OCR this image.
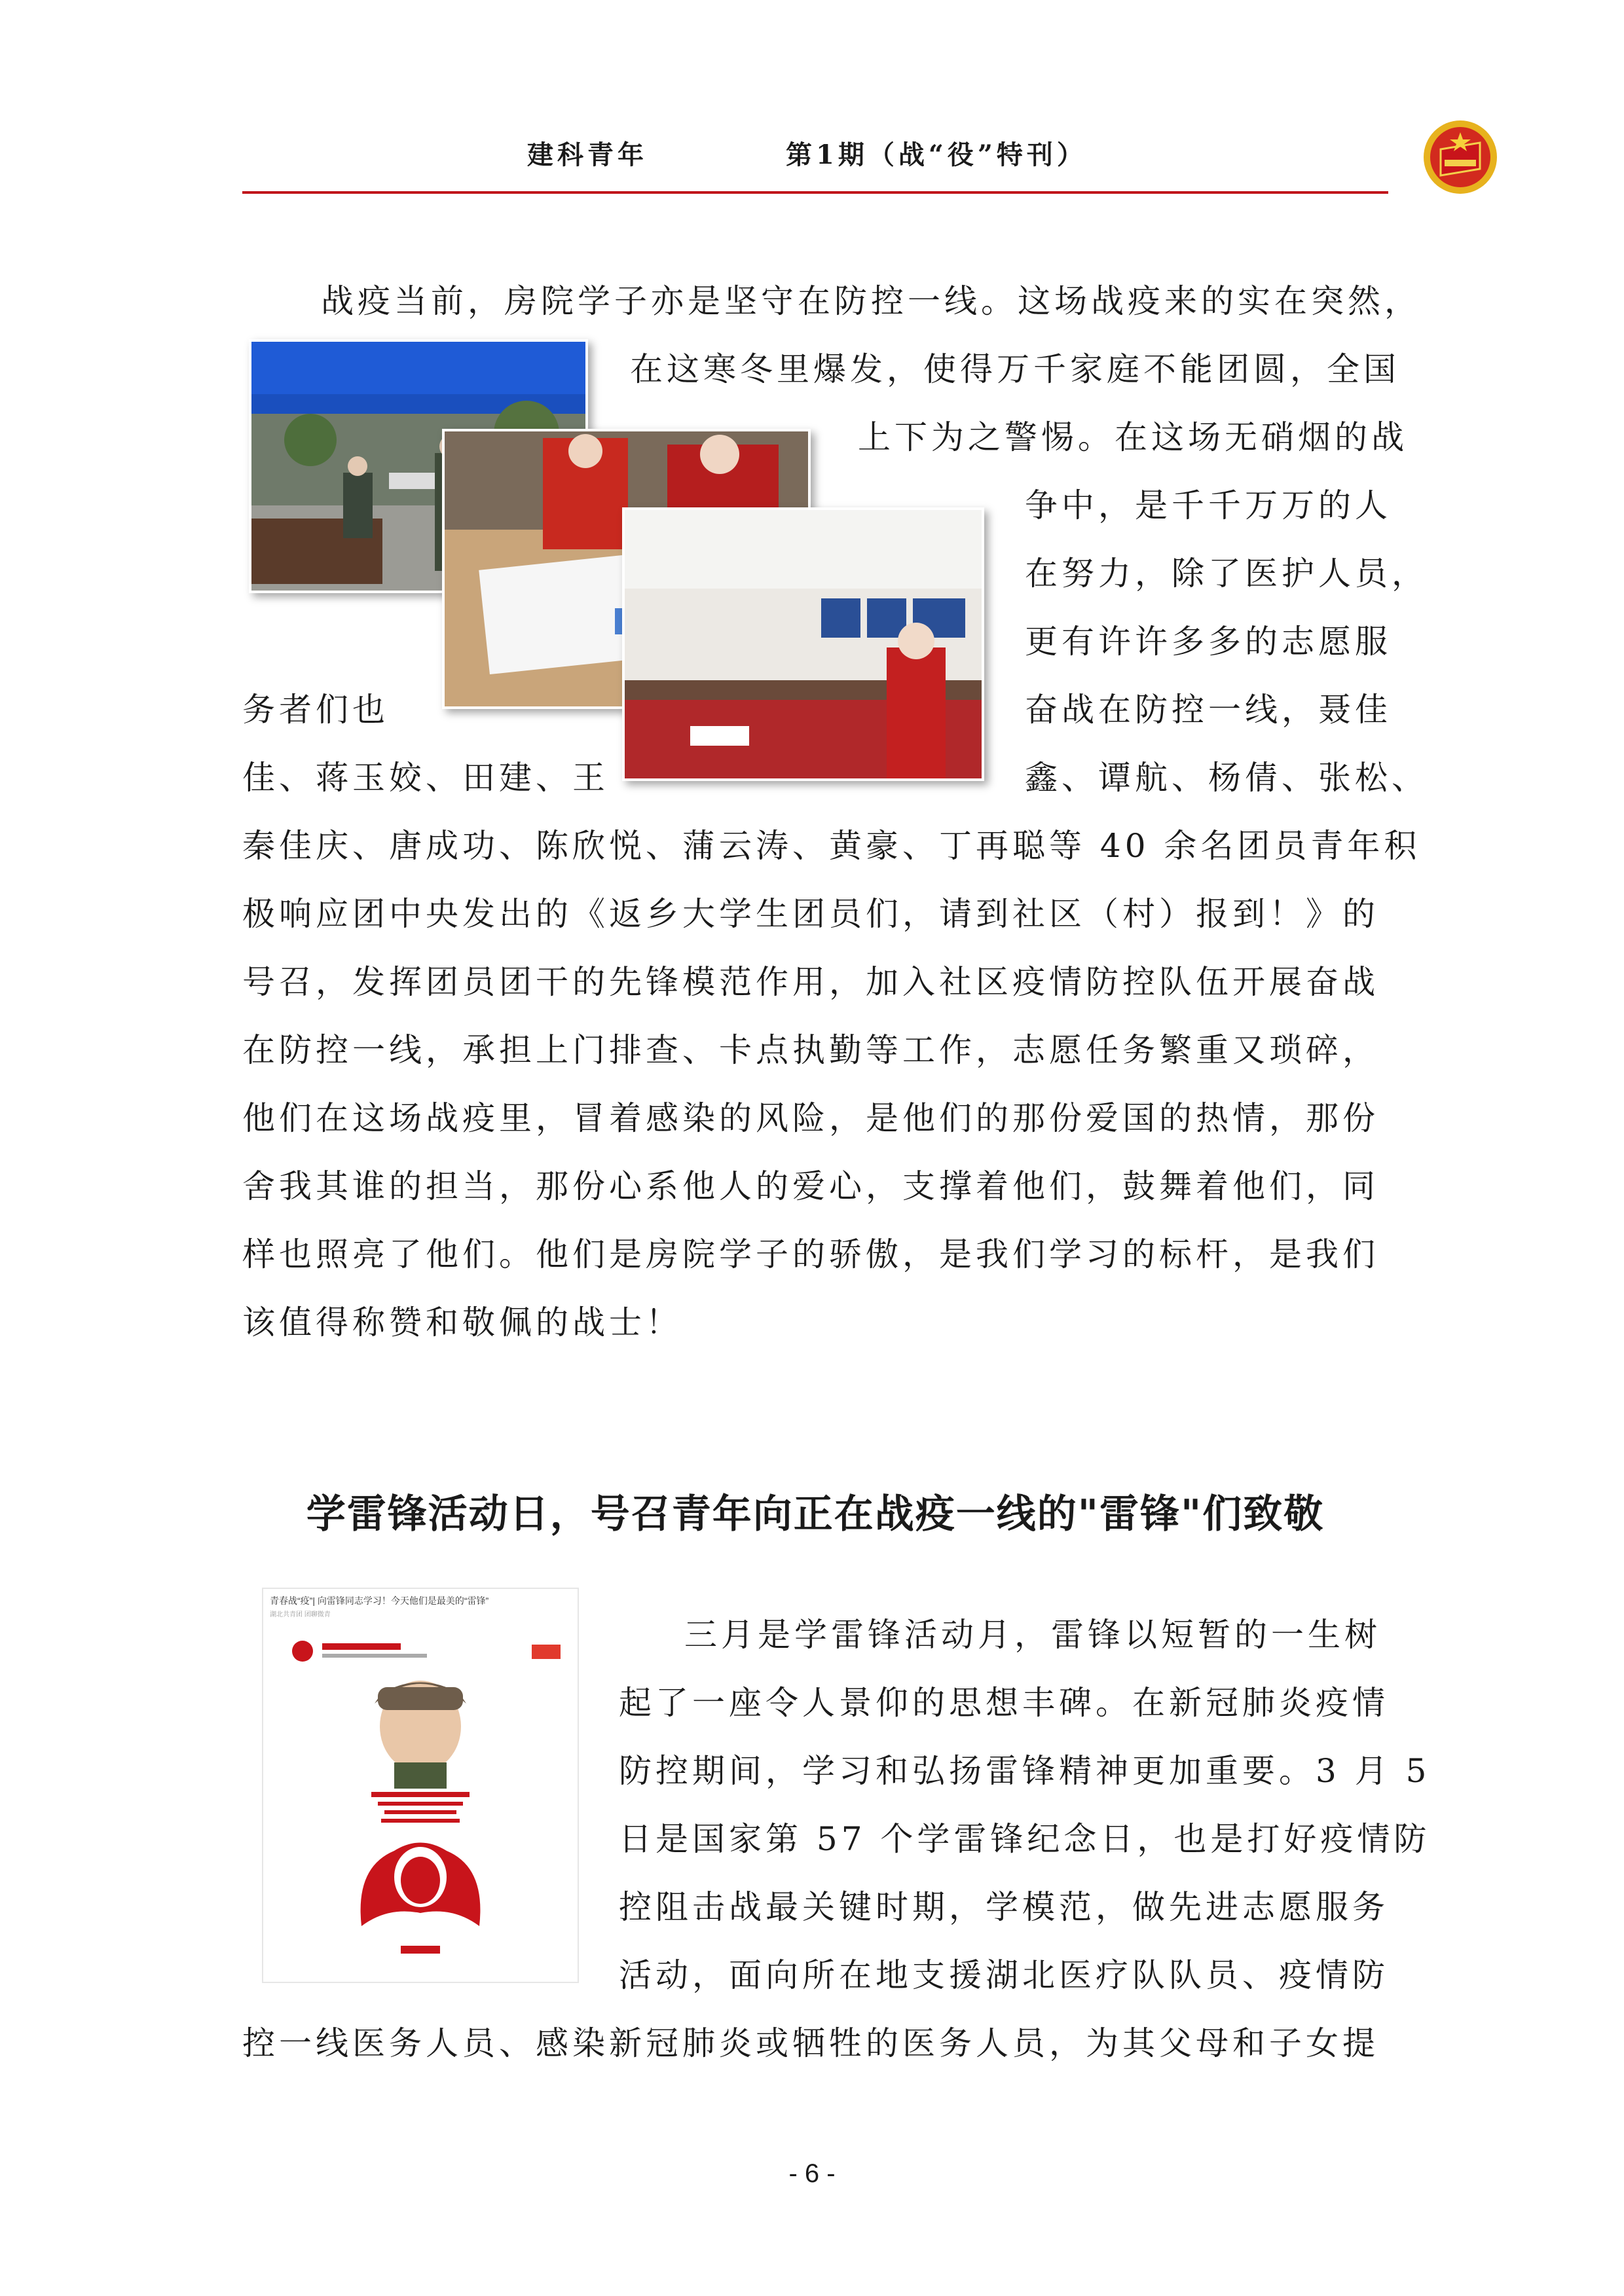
建科青年	第1期（战“役”特刊）
战疫当前，房院学子亦是坚守在防控一线。这场战疫来的实在突然，
在这寒冬里爆发，使得万千家庭不能团圆，全国
上下为之警惕。在这场无硝烟的战
争中，是千千万万的人
在努力，除了医护人员，
更有许许多多的志愿服
务者们也	奋战在防控一线，聂佳
佳、蒋玉姣、田建、王	鑫、谭航、杨倩、张松、
秦佳庆、唐成功、陈欣悦、蒲云涛、黄豪、丁再聪等 40 余名团员青年积
极响应团中央发出的《返乡大学生团员们，请到社区（村）报到！》的
号召，发挥团员团干的先锋模范作用，加入社区疫情防控队伍开展奋战
在防控一线，承担上门排查、卡点执勤等工作，志愿任务繁重又琐碎，
他们在这场战疫里，冒着感染的风险，是他们的那份爱国的热情，那份
舍我其谁的担当，那份心系他人的爱心，支撑着他们，鼓舞着他们，同
样也照亮了他们。他们是房院学子的骄傲，是我们学习的标杆，是我们
该值得称赞和敬佩的战士！
学雷锋活动日，号召青年向正在战疫一线的"雷锋"们致敬
青春战“疫”| 向雷锋同志学习！今天他们是最美的“雷锋”
湖北共青团 团聊微青
三月是学雷锋活动月，雷锋以短暂的一生树
起了一座令人景仰的思想丰碑。在新冠肺炎疫情
防控期间，学习和弘扬雷锋精神更加重要。3 月 5
日是国家第 57 个学雷锋纪念日，也是打好疫情防
控阻击战最关键时期，学模范，做先进志愿服务
活动，面向所在地支援湖北医疗队队员、疫情防
控一线医务人员、感染新冠肺炎或牺牲的医务人员，为其父母和子女提
- 6 -
